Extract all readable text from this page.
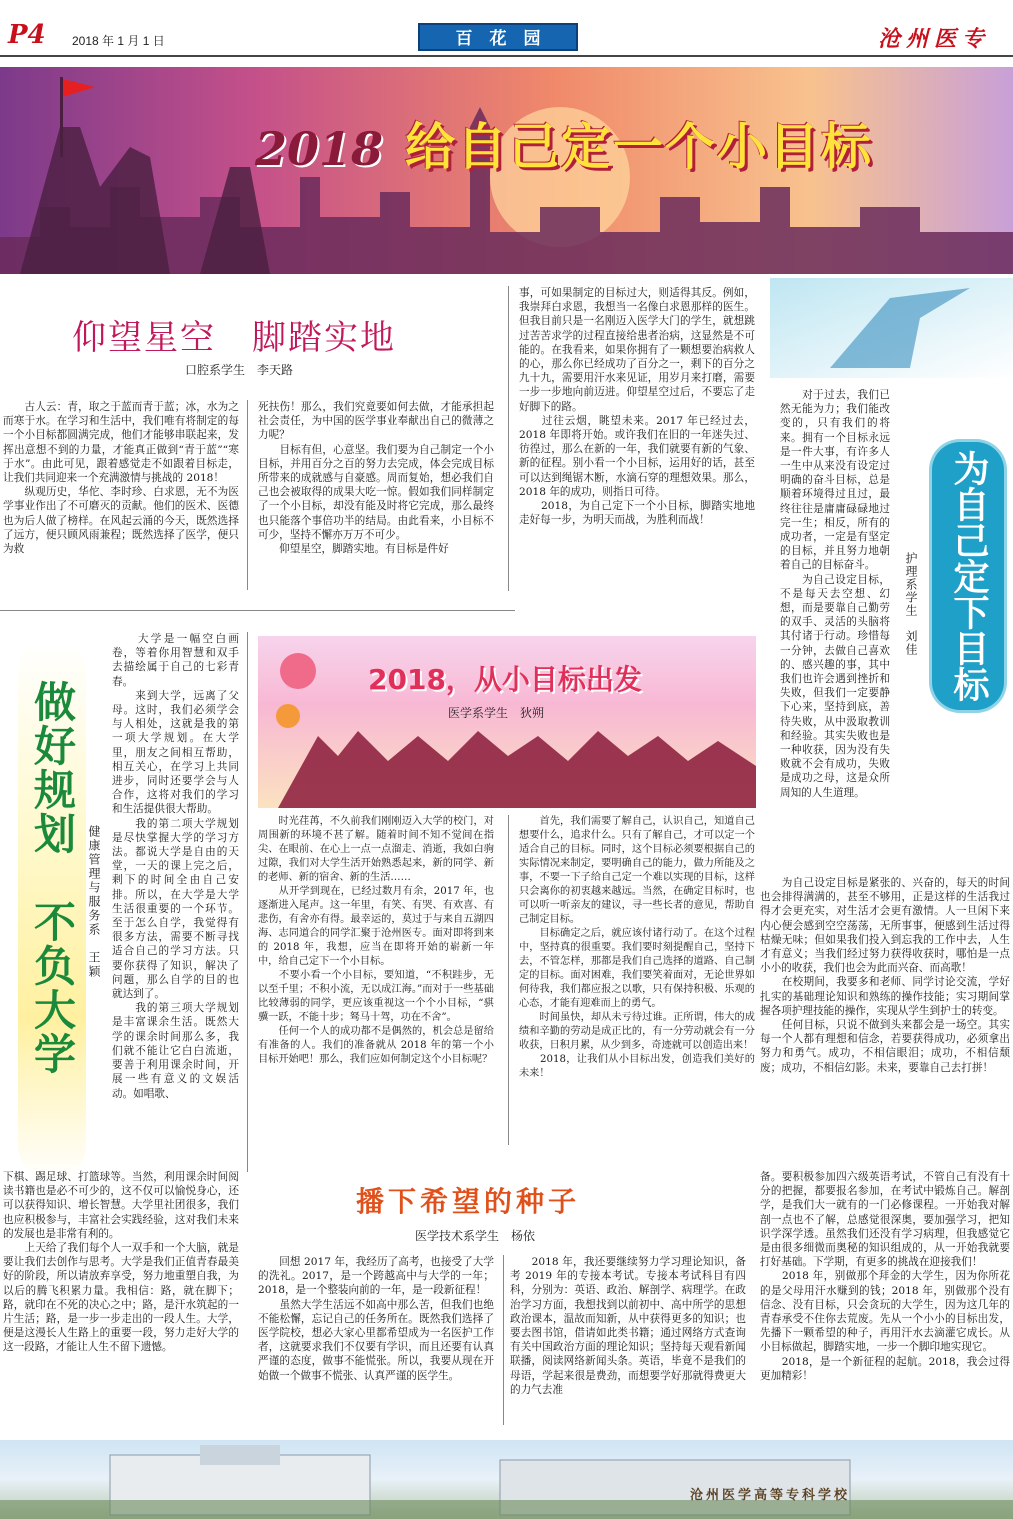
P4 2018 年 1 月 1 日	百　花　园	沧州医专
2018 给自己定一个小目标
仰望星空　脚踏实地
口腔系学生　李天路
　　古人云：青，取之于蓝而青于蓝；冰，水为之而寒于水。在学习和生活中，我们唯有将制定的每一个小目标都圆满完成，他们才能够串联起来，发挥出意想不到的力量，才能真正做到“青于蓝”“寒于水”。由此可见，跟着感觉走不如跟着目标走，让我们共同迎来一个充满激情与挑战的 2018！
　　纵观历史，华佗、李时珍、白求恩，无不为医学事业作出了不可磨灭的贡献。他们的医术、医德也为后人做了榜样。在风起云涌的今天，既然选择了远方，便只顾风雨兼程；既然选择了医学，便只为救
死扶伤！那么，我们究竟要如何去做，才能承担起社会责任，为中国的医学事业奉献出自己的微薄之力呢？
　　目标有但，心意坚。我们要为自己制定一个小目标，并用百分之百的努力去完成，体会完成目标所带来的成就感与自豪感。周而复始，想必我们自己也会被取得的成果大吃一惊。假如我们同样制定了一个小目标，却没有能及时将它完成，那么最终也只能落个事倍功半的结局。由此看来，小目标不可少，坚持不懈亦万万不可少。
　　仰望星空，脚踏实地。有目标是件好
事，可如果制定的目标过大，则适得其反。例如，我崇拜白求恩，我想当一名像白求恩那样的医生。但我目前只是一名刚迈入医学大门的学生，就想跳过苦苦求学的过程直接给患者治病，这显然是不可能的。在我看来，如果你拥有了一颗想要治病救人的心，那么你已经成功了百分之一，剩下的百分之九十九，需要用汗水来见证，用岁月来打磨，需要一步一步地向前迈进。仰望星空过后，不要忘了走好脚下的路。
　　过往云烟，眺望未来。2017 年已经过去，2018 年即将开始。或许我们在旧的一年迷失过、彷徨过，那么在新的一年，我们就要有新的气象、新的征程。别小看一个小目标，运用好的话，甚至可以达到绳锯木断，水滴石穿的理想效果。那么，2018 年的成功，则指日可待。
　　2018，为自己定下一个小目标，脚踏实地地走好每一步，为明天而战，为胜利而战！	为自己定下目标
护理系学生　刘佳
　　对于过去，我们已然无能为力；我们能改变的，只有我们的将来。拥有一个目标永远是一件大事，有许多人一生中从来没有设定过明确的奋斗目标，总是顺着环境得过且过，最终往往是庸庸碌碌地过完一生；相反，所有的成功者，一定是有坚定的目标，并且努力地朝着自己的目标奋斗。
　　为自己设定目标，不是每天去空想、幻想，而是要靠自己勤劳的双手、灵活的头脑将其付诸于行动。珍惜每一分钟，去做自己喜欢的、感兴趣的事，其中我们也许会遇到挫折和失败，但我们一定要静下心来，坚持到底，善待失败，从中汲取教训和经验。其实失败也是一种收获，因为没有失败就不会有成功，失败是成功之母，这是众所周知的人生道理。
　　为自己设定目标是紧张的、兴奋的，每天的时间也会排得满满的，甚至不够用，正是这样的生活我过得才会更充实，对生活才会更有激情。人一旦闲下来内心便会感到空空荡荡，无所事事，便感到生活过得枯燥无味；但如果我们投入到忘我的工作中去，人生才有意义；当我们经过努力获得收获时，哪怕是一点小小的收获，我们也会为此而兴奋、而高歌！
　　在校期间，我要多和老师、同学讨论交流，学好扎实的基础理论知识和熟练的操作技能；实习期间掌握各项护理技能的操作，实现从学生到护士的转变。
　　任何目标，只说不做到头来都会是一场空。其实每一个人都有理想和信念，若要获得成功，必须拿出努力和勇气。成功，不相信眼泪；成功，不相信颓废；成功，不相信幻影。未来，要靠自己去打拼！
做好规划　不负大学 健康管理与服务系　王颖
　　大学是一幅空白画卷，等着你用智慧和双手去描绘属于自己的七彩青春。
　　来到大学，远离了父母。这时，我们必须学会与人相处，这就是我的第一项大学规划。在大学里，朋友之间相互帮助，相互关心，在学习上共同进步，同时还要学会与人合作，这将对我们的学习和生活提供很大帮助。
　　我的第二项大学规划是尽快掌握大学的学习方法。都说大学是自由的天堂，一天的课上完之后，剩下的时间全由自己安排。所以，在大学是大学生活很重要的一个环节。至于怎么自学，我觉得有很多方法，需要不断寻找适合自己的学习方法。只要你获得了知识，解决了问题，那么自学的目的也就达到了。
　　我的第三项大学规划是丰富课余生活。既然大学的课余时间那么多，我们就不能让它白白流逝，要善于利用课余时间，开展一些有意义的文娱活动。如唱歌、
下棋、踢足球、打篮球等。当然，利用课余时间阅读书籍也是必不可少的，这不仅可以愉悦身心，还可以获得知识、增长智慧。大学里社团很多，我们也应积极参与，丰富社会实践经验，这对我们未来的发展也是非常有利的。
　　上天给了我们每个人一双手和一个大脑，就是要让我们去创作与思考。大学是我们正值青春最美好的阶段，所以请放弃享受，努力地重塑自我，为以后的腾飞积累力量。我相信：路，就在脚下；路，就印在不死的决心之中；路，是汗水筑起的一片生活；路，是一步一步走出的一段人生。大学，便是这漫长人生路上的重要一段，努力走好大学的这一段路，才能让人生不留下遗憾。
2018，从小目标出发
医学系学生　狄朔
　　时光荏苒，不久前我们刚刚迈入大学的校门，对周围新的环境不甚了解。随着时间不知不觉间在指尖、在眼前、在心上一点一点溜走、消逝，我如白驹过隙，我们对大学生活开始熟悉起来，新的同学、新的老师、新的宿舍、新的生活……
　　从开学到现在，已经过数月有余，2017 年，也逐渐进入尾声。这一年里，有笑、有哭、有欢喜、有悲伤，有舍亦有得。最幸运的，莫过于与来自五湖四海、志同道合的同学汇聚于沧州医专。面对即将到来的 2018 年，我想，应当在即将开始的崭新一年中，给自己定下一个小目标。
　　不要小看一个小目标，要知道，“不积跬步，无以至千里；不积小流，无以成江海。”而对于一些基础比较薄弱的同学，更应该重视这一个个小目标，“骐骥一跃，不能十步；驽马十驾，功在不舍”。
　　任何一个人的成功都不是偶然的，机会总是留给有准备的人。我们的准备就从 2018 年的第一个小目标开始吧！那么，我们应如何制定这个小目标呢？
　　首先，我们需要了解自己，认识自己，知道自己想要什么，追求什么。只有了解自己，才可以定一个适合自己的目标。同时，这个目标必须要根据自己的实际情况来制定，要明确自己的能力，做力所能及之事，不要一下子给自己定一个难以实现的目标，这样只会离你的初衷越来越远。当然，在确定目标时，也可以听一听亲友的建议，寻一些长者的意见，帮助自己制定目标。
　　目标确定之后，就应该付诸行动了。在这个过程中，坚持真的很重要。我们要时刻提醒自己，坚持下去，不管怎样，那都是我们自己选择的道路、自己制定的目标。面对困难，我们要笑着面对，无论世界如何待我，我们都应报之以歌，只有保持积极、乐观的心态，才能有迎难而上的勇气。
　　时间虽快，却从未亏待过谁。正所谓，伟大的成绩和辛勤的劳动是成正比的，有一分劳动就会有一分收获，日积月累，从少到多，奇迹就可以创造出来！
　　2018，让我们从小目标出发，创造我们美好的未来！
播下希望的种子
医学技术系学生　杨依
　　回想 2017 年，我经历了高考，也接受了大学的洗礼。2017，是一个跨越高中与大学的一年；2018，是一个整装向前的一年，是一段新征程！
　　虽然大学生活远不如高中那么苦，但我们也绝不能松懈，忘记自己的任务所在。既然我们选择了医学院校，想必大家心里都希望成为一名医护工作者，这就要求我们不仅要有学识，而且还要有认真严谨的态度，做事不能慌张。所以，我要从现在开始做一个做事不慌张、认真严谨的医学生。
　　2018 年，我还要继续努力学习理论知识，备考 2019 年的专接本考试。专接本考试科目有四科，分别为：英语、政治、解剖学、病理学。在政治学习方面，我想找到以前初中、高中所学的思想政治课本，温故而知新，从中获得更多的知识；也要去图书馆，借请如此类书籍；通过网络方式查询有关中国政治方面的理论知识；坚持每天观看新闻联播，阅读网络新闻头条。英语，毕竟不是我们的母语，学起来很是费劲，而想要学好那就得费更大的力气去准
备。要积极参加四六级英语考试，不管自己有没有十分的把握，都要报名参加，在考试中锻炼自己。解剖学，是我们大一就有的一门必修课程。一开始我对解剖一点也不了解，总感觉很深奥，要加强学习，把知识学深学透。虽然我们还没有学习病理，但我感觉它是由很多细微而奥秘的知识组成的，从一开始我就要打好基础。下学期，有更多的挑战在迎接我们！
　　2018 年，别做那个拜金的大学生，因为你所花的是父母用汗水赚到的钱；2018 年，别做那个没有信念、没有目标，只会贪玩的大学生，因为这几年的青春承受不住你去荒废。先从一个小小的目标出发，先播下一颗希望的种子，再用汗水去滴灌它成长。从小目标做起，脚踏实地，一步一个脚印地实现它。
　　2018，是一个新征程的起航。2018，我会过得更加精彩！
沧州医学高等专科学校
